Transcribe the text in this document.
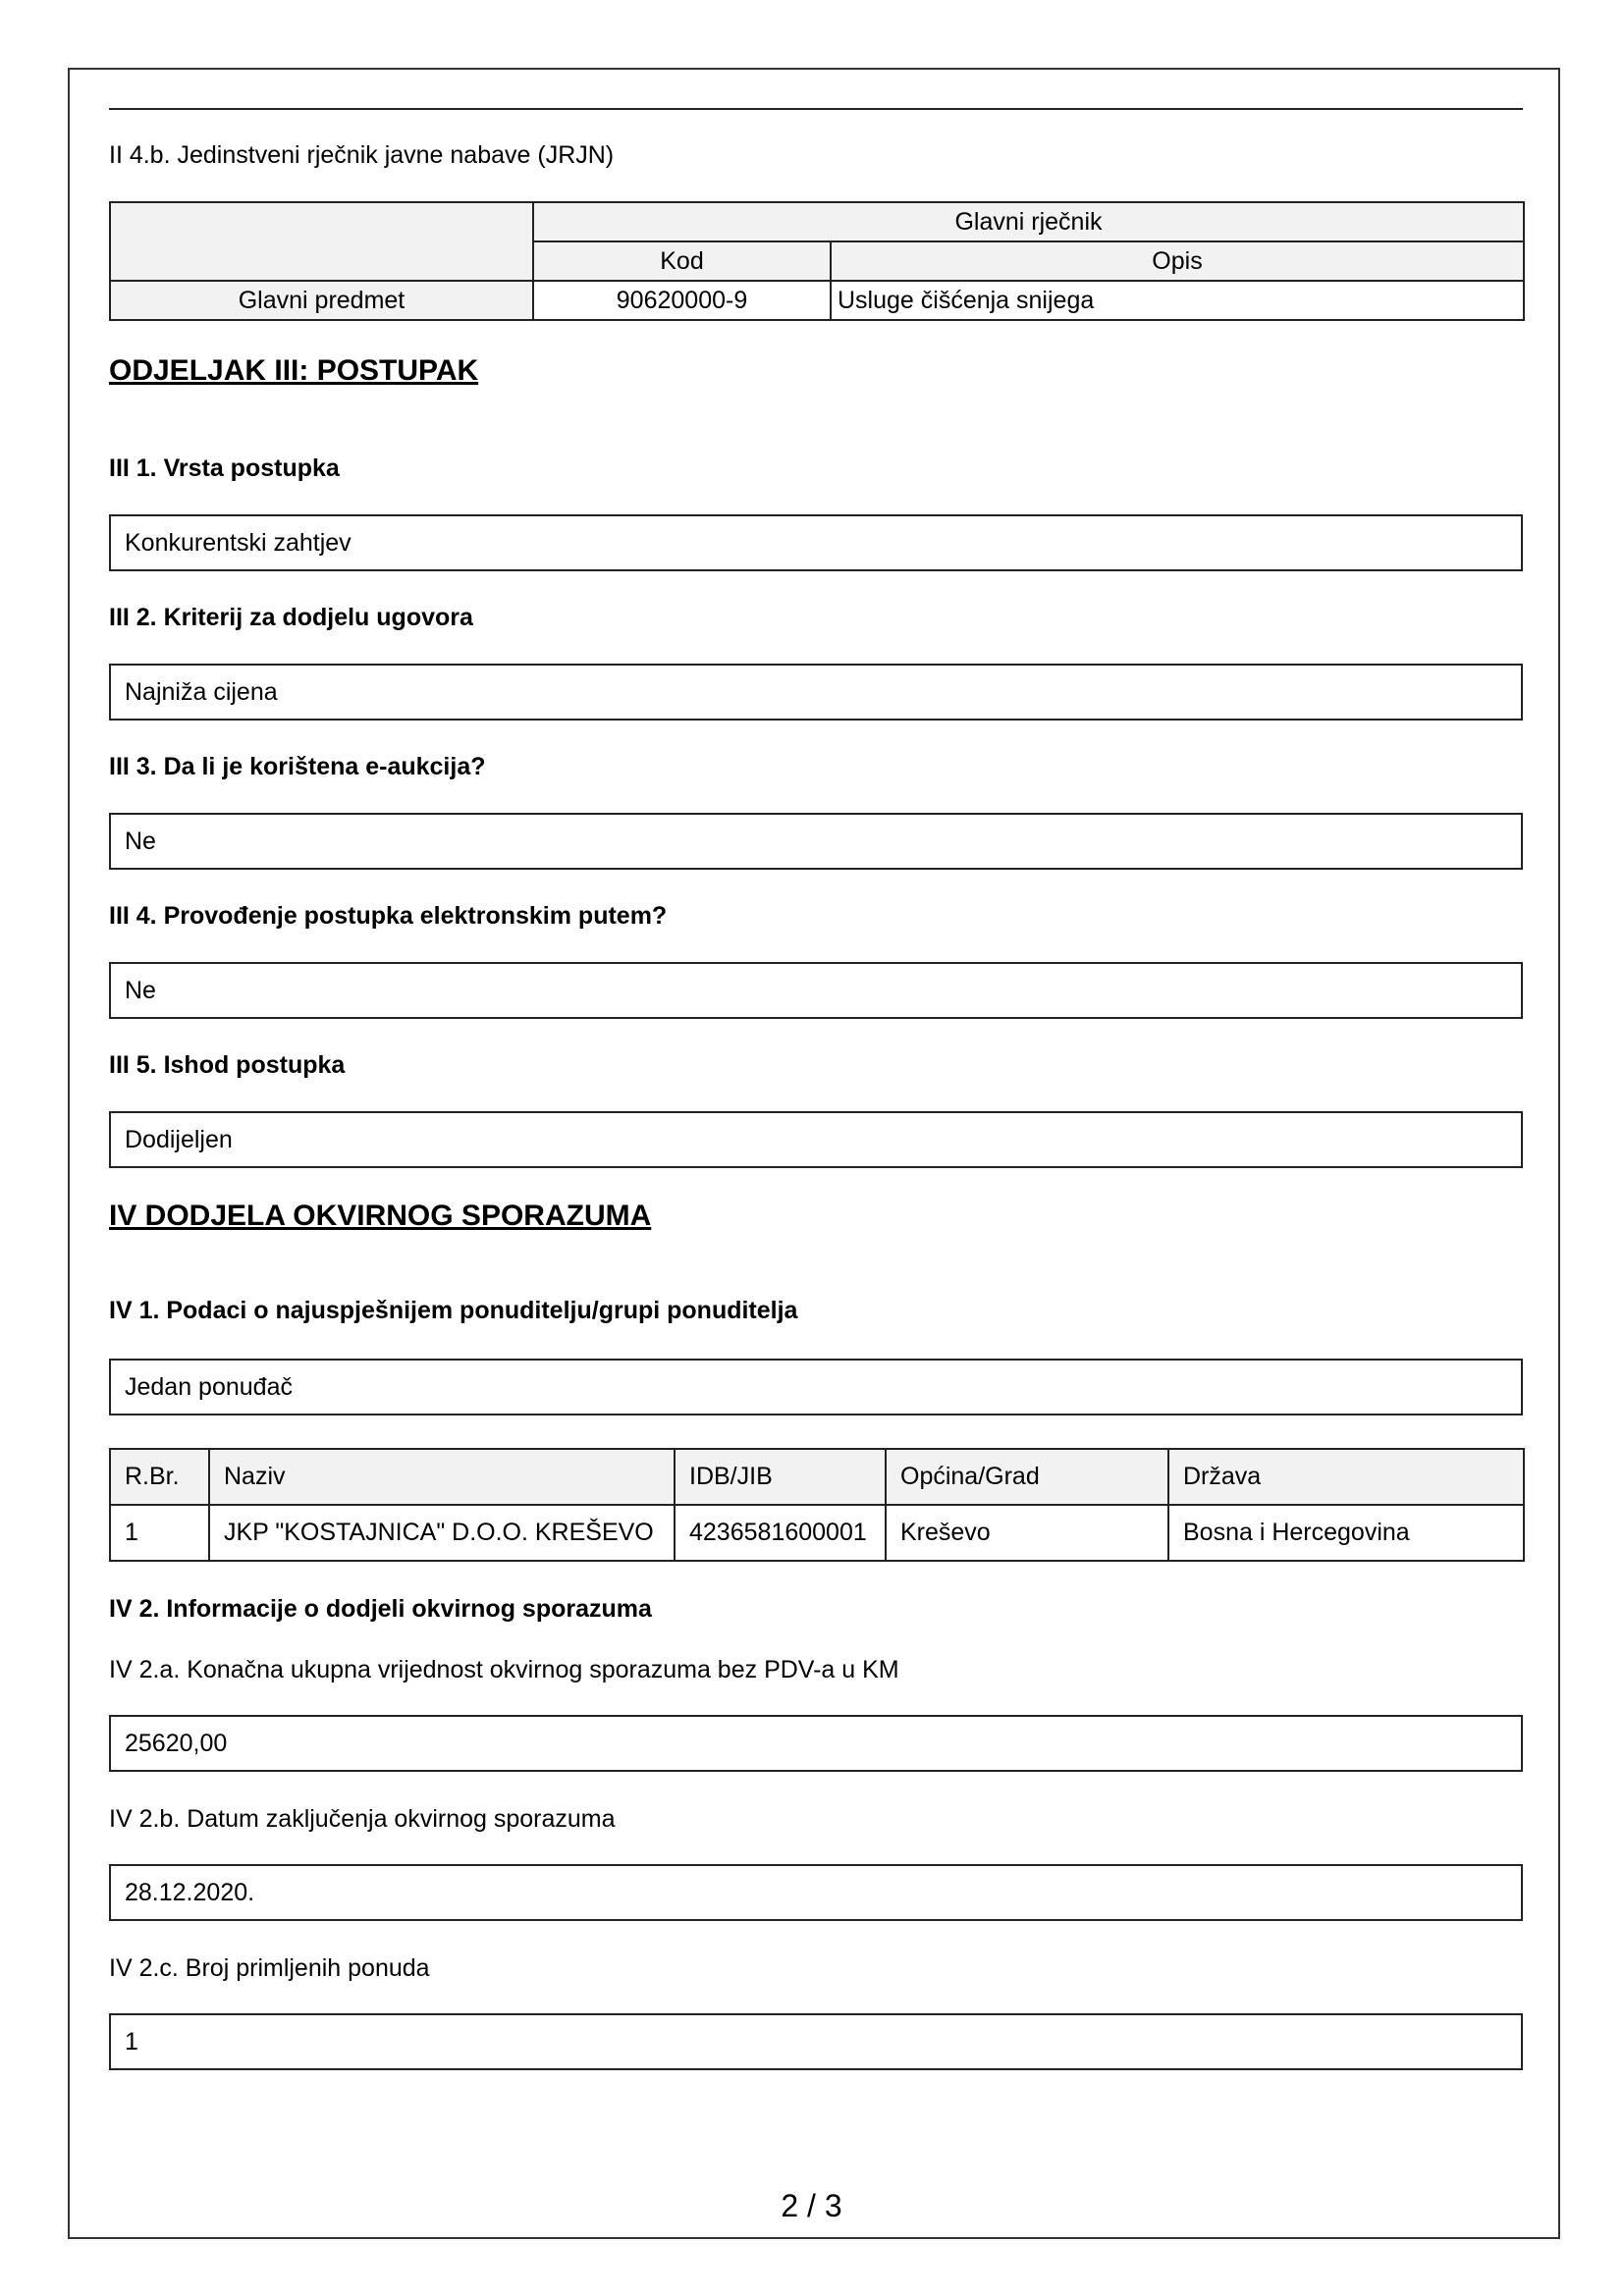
II 4.b. Jedinstveni rječnik javne nabave (JRJN)
	Glavni rječnik	
	Kod	Opis
Glavni predmet	90620000-9	Usluge čišćenja snijega
ODJELJAK III: POSTUPAK
III 1. Vrsta postupka
Konkurentski zahtjev
III 2. Kriterij za dodjelu ugovora
Najniža cijena
III 3. Da li je korištena e-aukcija?
Ne
III 4. Provođenje postupka elektronskim putem?
Ne
III 5. Ishod postupka
Dodijeljen
IV DODJELA OKVIRNOG SPORAZUMA
IV 1. Podaci o najuspješnijem ponuditelju/grupi ponuditelja
Jedan ponuđač
R.Br.	Naziv	IDB/JIB	Općina/Grad	Država
1	JKP "KOSTAJNICA" D.O.O. KREŠEVO	4236581600001	Kreševo	Bosna i Hercegovina
IV 2. Informacije o dodjeli okvirnog sporazuma
IV 2.a. Konačna ukupna vrijednost okvirnog sporazuma bez PDV-a u KM
25620,00
IV 2.b. Datum zaključenja okvirnog sporazuma
28.12.2020.
IV 2.c. Broj primljenih ponuda
1
2 / 3
